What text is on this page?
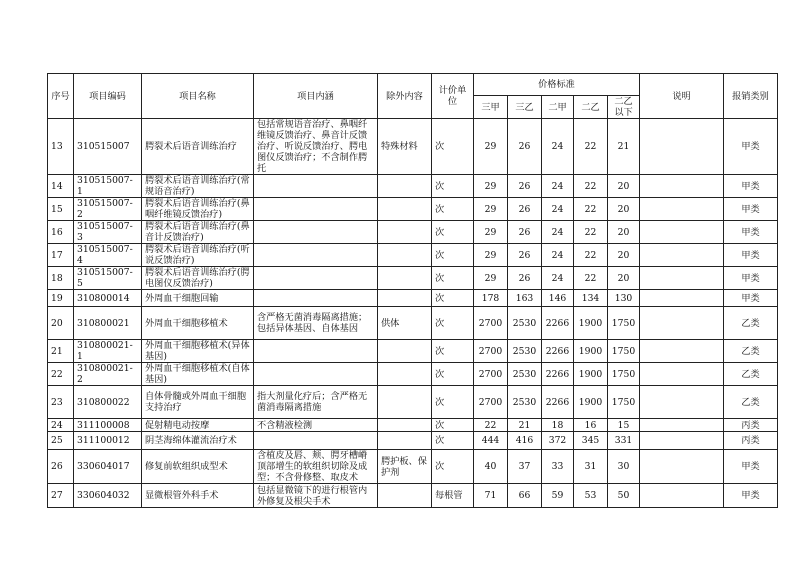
序号	项目编码	项目名称	项目内涵	除外内容	计价单位	价格标准					说明	报销类别
						三甲	三乙	二甲	二乙	二乙以下		
13	310515007	腭裂术后语音训练治疗	包括常规语音治疗、鼻咽纤维镜反馈治疗、鼻音计反馈治疗、听说反馈治疗、腭电图仪反馈治疗；不含制作腭托	特殊材料	次	29	26	24	22	21		甲类
14	310515007-1	腭裂术后语音训练治疗(常规语音治疗)			次	29	26	24	22	20		甲类
15	310515007-2	腭裂术后语音训练治疗(鼻咽纤维镜反馈治疗)			次	29	26	24	22	20		甲类
16	310515007-3	腭裂术后语音训练治疗(鼻音计反馈治疗)			次	29	26	24	22	20		甲类
17	310515007-4	腭裂术后语音训练治疗(听说反馈治疗)			次	29	26	24	22	20		甲类
18	310515007-5	腭裂术后语音训练治疗(腭电图仪反馈治疗)			次	29	26	24	22	20		甲类
19	310800014	外周血干细胞回输			次	178	163	146	134	130		甲类
20	310800021	外周血干细胞移植术	含严格无菌消毒隔离措施；包括异体基因、自体基因	供体	次	2700	2530	2266	1900	1750		乙类
21	310800021-1	外周血干细胞移植术(异体基因)			次	2700	2530	2266	1900	1750		乙类
22	310800021-2	外周血干细胞移植术(自体基因)			次	2700	2530	2266	1900	1750		乙类
23	310800022	自体骨髓或外周血干细胞支持治疗	指大剂量化疗后；含严格无菌消毒隔离措施		次	2700	2530	2266	1900	1750		乙类
24	311100008	促射精电动按摩	不含精液检测		次	22	21	18	16	15		丙类
25	311100012	阴茎海绵体灌流治疗术			次	444	416	372	345	331		丙类
26	330604017	修复前软组织成型术	含植皮及唇、颊、腭牙槽嵴顶部增生的软组织切除及成型；不含骨修整、取皮术	腭护板、保护剂	次	40	37	33	31	30		甲类
27	330604032	显微根管外科手术	包括显微镜下的进行根管内外修复及根尖手术		每根管	71	66	59	53	50		甲类
